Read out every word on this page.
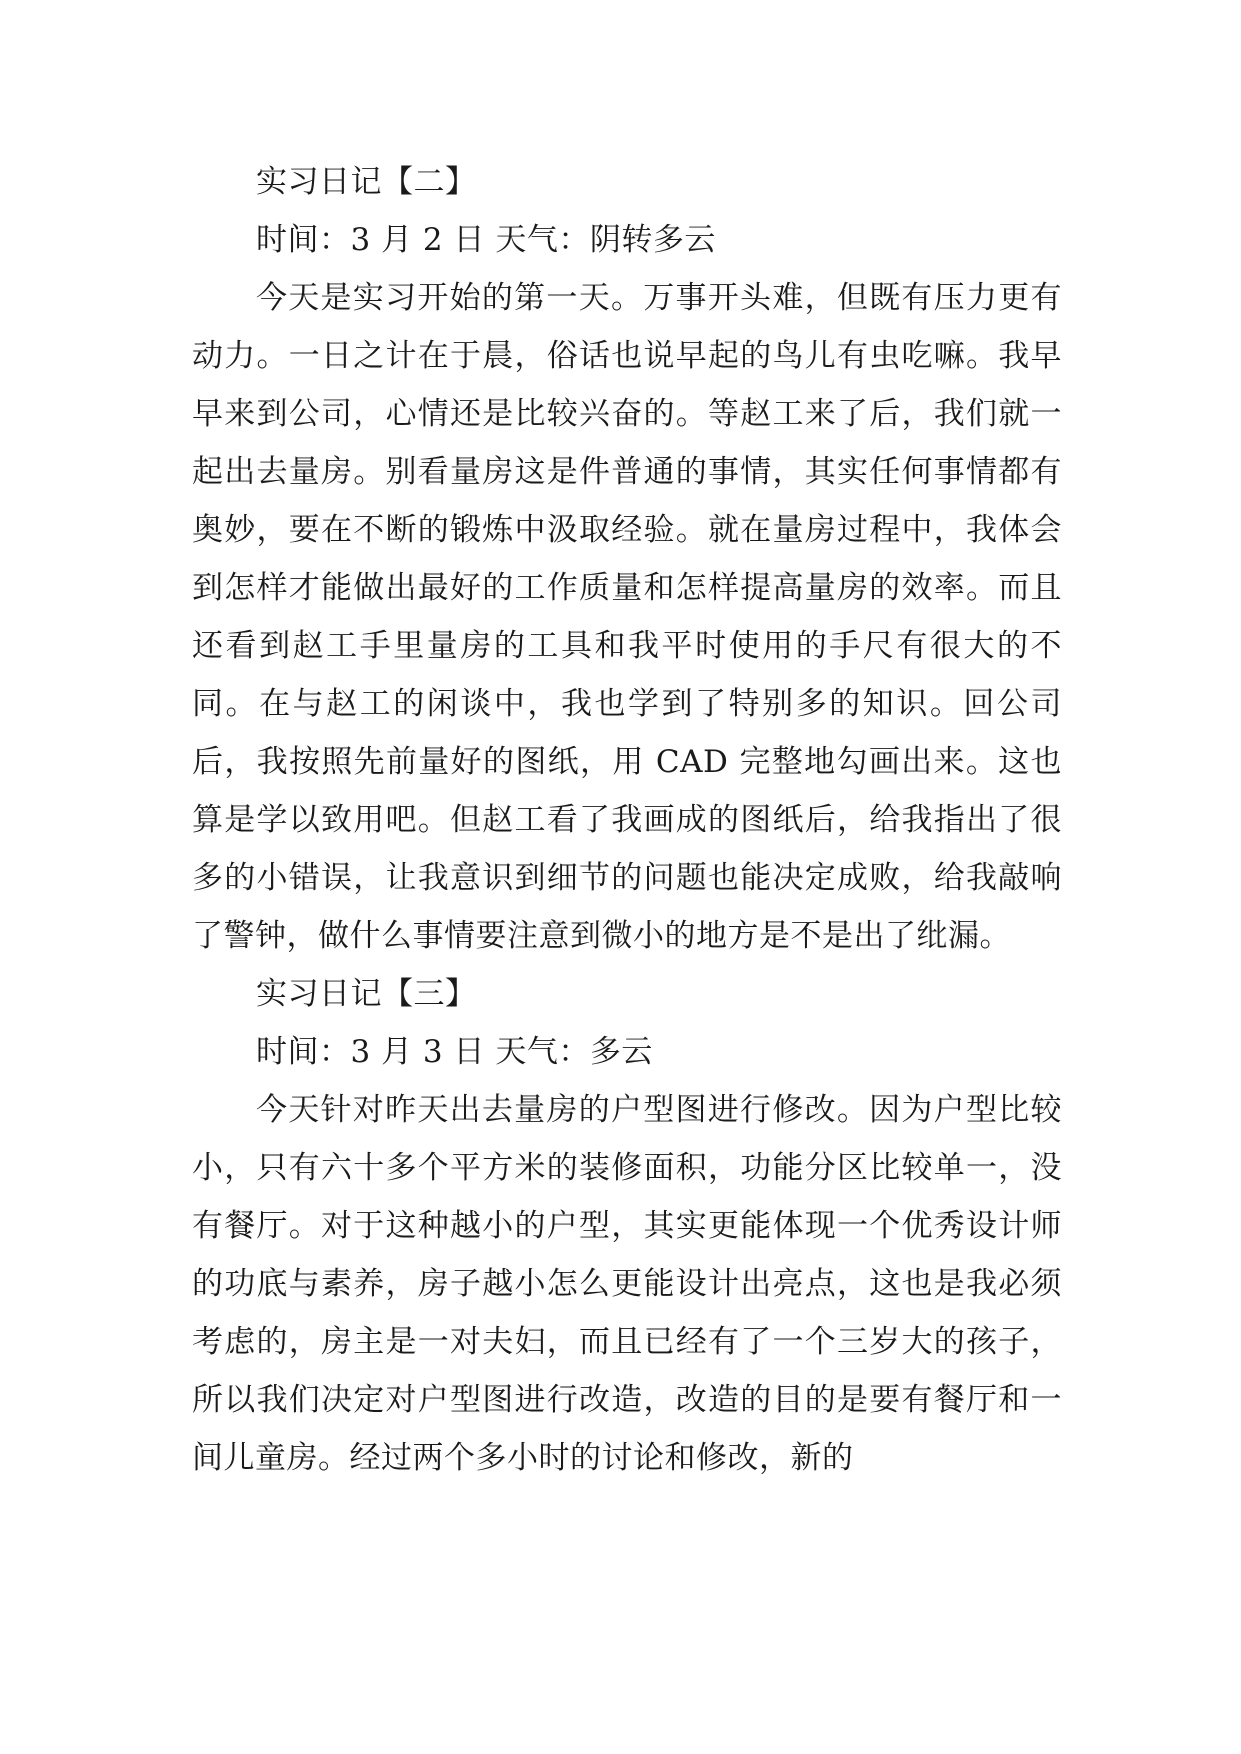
实习日记【二】

时间：3 月 2 日 天气：阴转多云

今天是实习开始的第一天。万事开头难，但既有压力更有动力。一日之计在于晨，俗话也说早起的鸟儿有虫吃嘛。我早早来到公司，心情还是比较兴奋的。等赵工来了后，我们就一起出去量房。别看量房这是件普通的事情，其实任何事情都有奥妙，要在不断的锻炼中汲取经验。就在量房过程中，我体会到怎样才能做出最好的工作质量和怎样提高量房的效率。而且还看到赵工手里量房的工具和我平时使用的手尺有很大的不同。在与赵工的闲谈中，我也学到了特别多的知识。回公司后，我按照先前量好的图纸，用 CAD 完整地勾画出来。这也算是学以致用吧。但赵工看了我画成的图纸后，给我指出了很多的小错误，让我意识到细节的问题也能决定成败，给我敲响了警钟，做什么事情要注意到微小的地方是不是出了纰漏。

实习日记【三】

时间：3 月 3 日 天气：多云

今天针对昨天出去量房的户型图进行修改。因为户型比较小，只有六十多个平方米的装修面积，功能分区比较单一，没有餐厅。对于这种越小的户型，其实更能体现一个优秀设计师的功底与素养，房子越小怎么更能设计出亮点，这也是我必须考虑的，房主是一对夫妇，而且已经有了一个三岁大的孩子，所以我们决定对户型图进行改造，改造的目的是要有餐厅和一间儿童房。经过两个多小时的讨论和修改，新的
